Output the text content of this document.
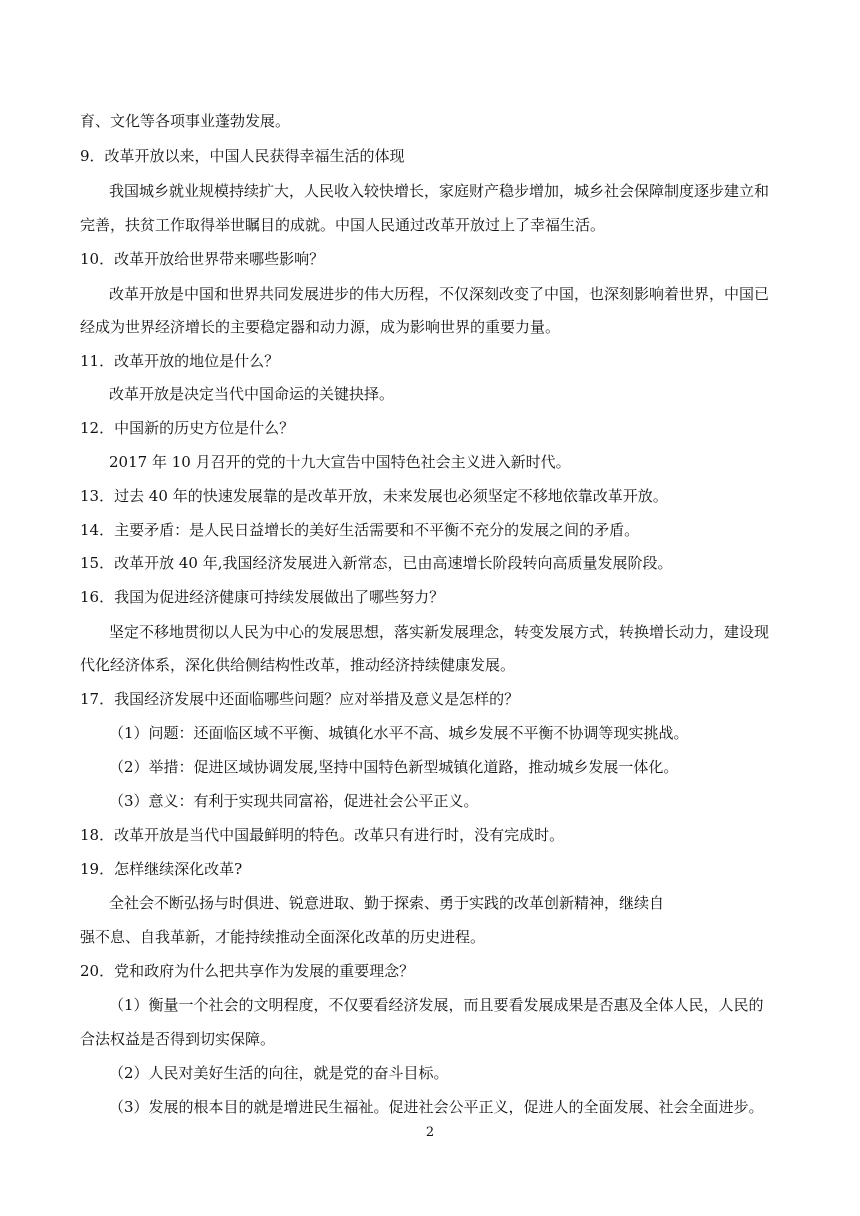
育、文化等各项事业蓬勃发展。
9．改革开放以来，中国人民获得幸福生活的体现
我国城乡就业规模持续扩大，人民收入较快增长，家庭财产稳步增加，城乡社会保障制度逐步建立和
完善，扶贫工作取得举世瞩目的成就。中国人民通过改革开放过上了幸福生活。
10．改革开放给世界带来哪些影响？
改革开放是中国和世界共同发展进步的伟大历程，不仅深刻改变了中国，也深刻影响着世界，中国已
经成为世界经济增长的主要稳定器和动力源，成为影响世界的重要力量。
11．改革开放的地位是什么？
改革开放是决定当代中国命运的关键抉择。
12．中国新的历史方位是什么？
2017 年 10 月召开的党的十九大宣告中国特色社会主义进入新时代。
13．过去 40 年的快速发展靠的是改革开放，未来发展也必须坚定不移地依靠改革开放。
14．主要矛盾：是人民日益增长的美好生活需要和不平衡不充分的发展之间的矛盾。
15．改革开放 40 年,我国经济发展进入新常态，已由高速增长阶段转向高质量发展阶段。
16．我国为促进经济健康可持续发展做出了哪些努力？
坚定不移地贯彻以人民为中心的发展思想，落实新发展理念，转变发展方式，转换增长动力，建设现
代化经济体系，深化供给侧结构性改革，推动经济持续健康发展。
17．我国经济发展中还面临哪些问题？应对举措及意义是怎样的？
（1）问题：还面临区域不平衡、城镇化水平不高、城乡发展不平衡不协调等现实挑战。
（2）举措：促进区域协调发展,坚持中国特色新型城镇化道路，推动城乡发展一体化。
（3）意义：有利于实现共同富裕，促进社会公平正义。
18．改革开放是当代中国最鲜明的特色。改革只有进行时，没有完成时。
19．怎样继续深化改革?
全社会不断弘扬与时俱进、锐意进取、勤于探索、勇于实践的改革创新精神，继续自
强不息、自我革新，才能持续推动全面深化改革的历史进程。
20．党和政府为什么把共享作为发展的重要理念？
（1）衡量一个社会的文明程度，不仅要看经济发展，而且要看发展成果是否惠及全体人民，人民的
合法权益是否得到切实保障。
（2）人民对美好生活的向往，就是党的奋斗目标。
（3）发展的根本目的就是增进民生福祉。促进社会公平正义，促进人的全面发展、社会全面进步。
2
